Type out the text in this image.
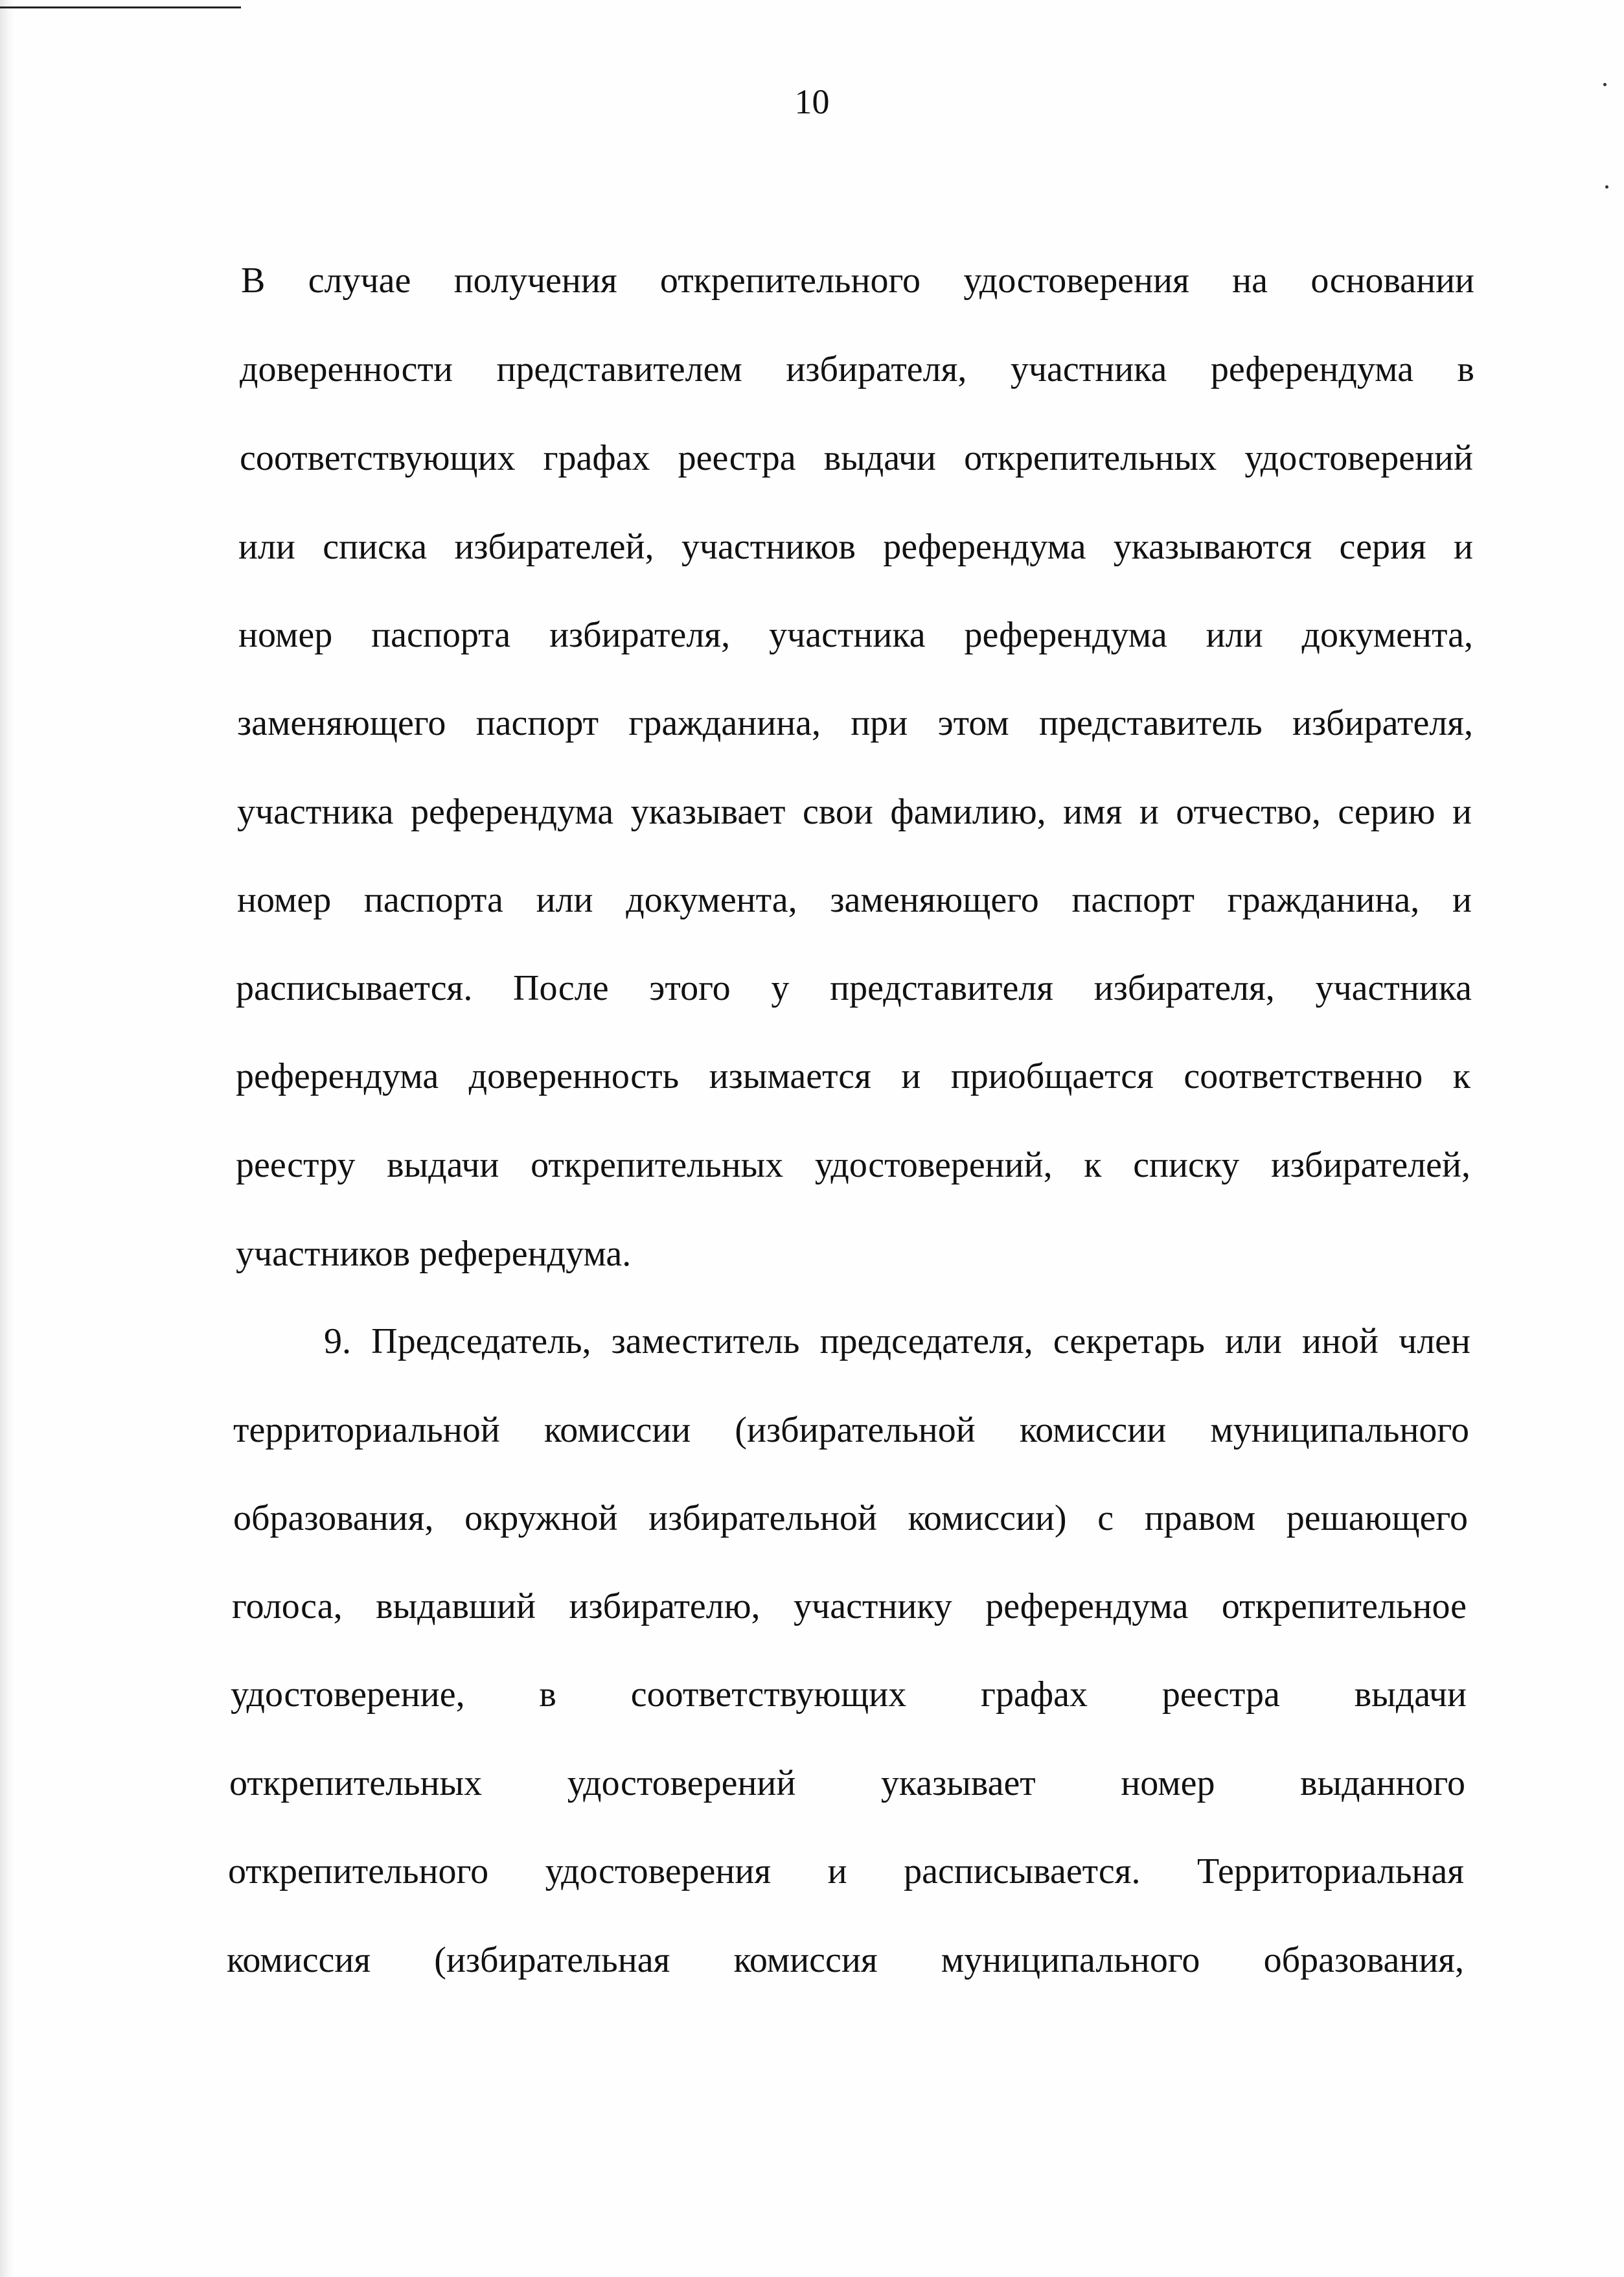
10
В случае получения открепительного удостоверения на основании
доверенности представителем избирателя, участника референдума в
соответствующих графах реестра выдачи открепительных удостоверений
или списка избирателей, участников референдума указываются серия и
номер паспорта избирателя, участника референдума или документа,
заменяющего паспорт гражданина, при этом представитель избирателя,
участника референдума указывает свои фамилию, имя и отчество, серию и
номер паспорта или документа, заменяющего паспорт гражданина, и
расписывается. После этого у представителя избирателя, участника
референдума доверенность изымается и приобщается соответственно к
реестру выдачи открепительных удостоверений, к списку избирателей,
участников референдума.
9. Председатель, заместитель председателя, секретарь или иной член
территориальной комиссии (избирательной комиссии муниципального
образования, окружной избирательной комиссии) с правом решающего
голоса, выдавший избирателю, участнику референдума открепительное
удостоверение, в соответствующих графах реестра выдачи
открепительных удостоверений указывает номер выданного
открепительного удостоверения и расписывается. Территориальная
комиссия (избирательная комиссия муниципального образования,
